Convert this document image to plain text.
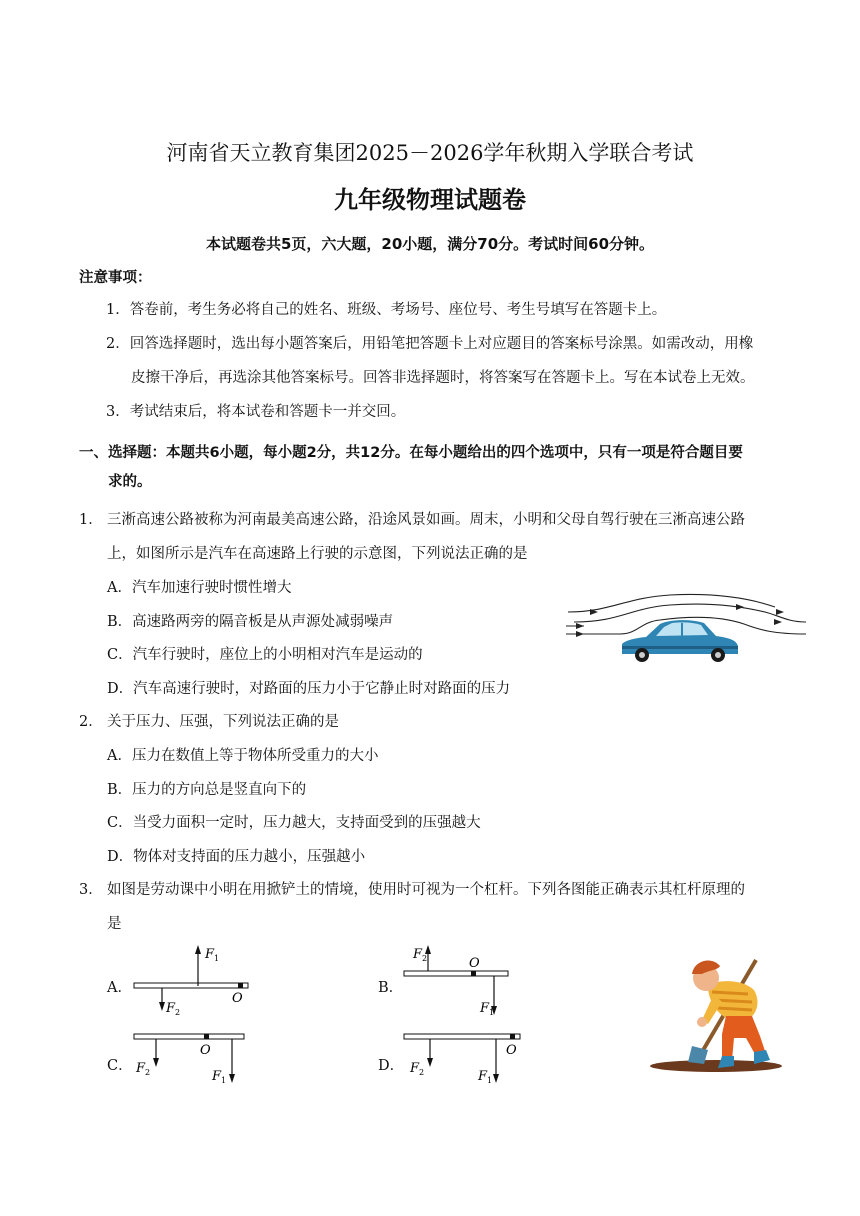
河南省天立教育集团2025－2026学年秋期入学联合考试
九年级物理试题卷
本试题卷共5页，六大题，20小题，满分70分。考试时间60分钟。
注意事项：
1．答卷前，考生务必将自己的姓名、班级、考场号、座位号、考生号填写在答题卡上。
2．回答选择题时，选出每小题答案后，用铅笔把答题卡上对应题目的答案标号涂黑。如需改动，用橡
皮擦干净后，再选涂其他答案标号。回答非选择题时，将答案写在答题卡上。写在本试卷上无效。
3．考试结束后，将本试卷和答题卡一并交回。
一、选择题：本题共6小题，每小题2分，共12分。在每小题给出的四个选项中，只有一项是符合题目要
求的。
1． 三淅高速公路被称为河南最美高速公路，沿途风景如画。周末，小明和父母自驾行驶在三淅高速公路
上，如图所示是汽车在高速路上行驶的示意图，下列说法正确的是
A．汽车加速行驶时惯性增大
B．高速路两旁的隔音板是从声源处减弱噪声
C．汽车行驶时，座位上的小明相对汽车是运动的
D．汽车高速行驶时，对路面的压力小于它静止时对路面的压力
2． 关于压力、压强，下列说法正确的是
A．压力在数值上等于物体所受重力的大小
B．压力的方向总是竖直向下的
C．当受力面积一定时，压力越大，支持面受到的压强越大
D．物体对支持面的压力越小，压强越小
3． 如图是劳动课中小明在用掀铲土的情境，使用时可视为一个杠杆。下列各图能正确表示其杠杆原理的
是
A．	B．
C．	D．
$F_1$
$F_2$
O
$F_2$	O
$F_1$
$F_2$
O
$F_1$
$F_2$
O
$F_1$
